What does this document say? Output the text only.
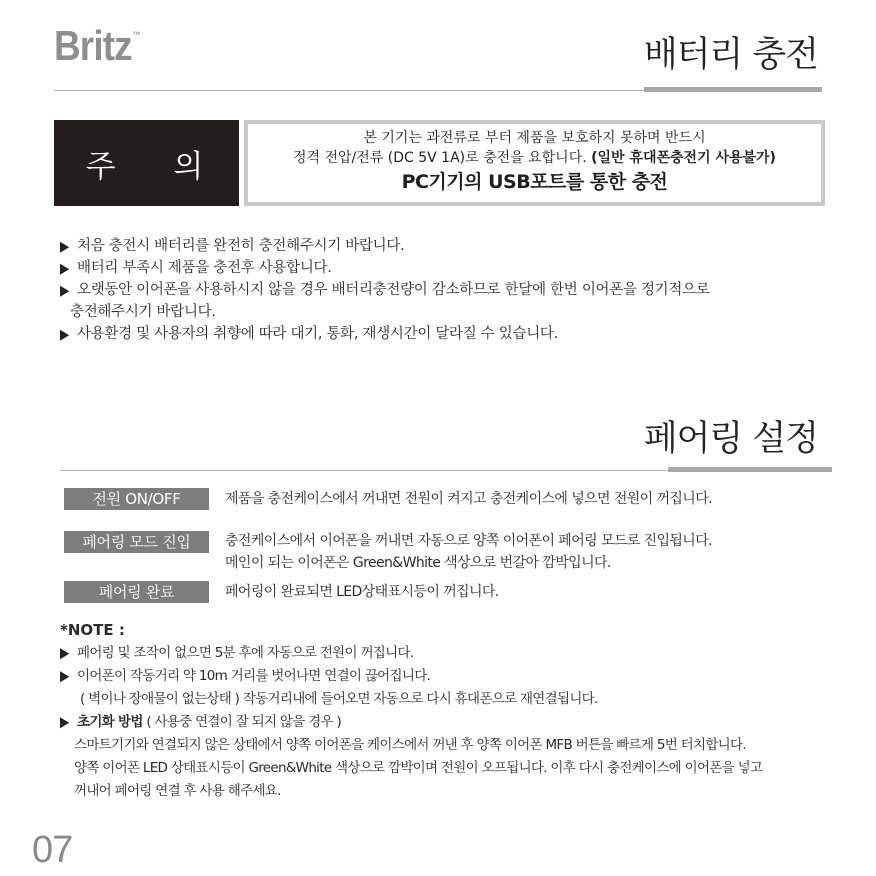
Britz™	배터리 충전
주 의
본 기기는 과전류로 부터 제품을 보호하지 못하며 반드시
정격 전압/전류 (DC 5V 1A)로 충전을 요합니다. (일반 휴대폰충전기 사용불가)
PC기기의 USB포트를 통한 충전

▶ 처음 충전시 배터리를 완전히 충전해주시기 바랍니다.

▶ 배터리 부족시 제품을 충전후 사용합니다.

▶ 오랫동안 이어폰을 사용하시지 않을 경우 배터리충전량이 감소하므로 한달에 한번 이어폰을 정기적으로

충전해주시기 바랍니다.

▶ 사용환경 및 사용자의 취향에 따라 대기, 통화, 재생시간이 달라질 수 있습니다.

페어링 설정
전원 ON/OFF	제품을 충전케이스에서 꺼내면 전원이 켜지고 충전케이스에 넣으면 전원이 꺼집니다.
페어링 모드 진입	충전케이스에서 이어폰을 꺼내면 자동으로 양쪽 이어폰이 페어링 모드로 진입됩니다.
메인이 되는 이어폰은 Green&White 색상으로 번갈아 깜박입니다.
페어링 완료	페어링이 완료되면 LED상태표시등이 꺼집니다.

*NOTE :

▶ 페어링 및 조작이 없으면 5분 후에 자동으로 전원이 꺼집니다.

▶ 이어폰이 작동거리 약 10m 거리를 벗어나면 연결이 끊어집니다.

( 벽이나 장애물이 없는상태 ) 작동거리내에 들어오면 자동으로 다시 휴대폰으로 재연결됩니다.

▶ 초기화 방법 ( 사용중 연결이 잘 되지 않을 경우 )

스마트기기와 연결되지 않은 상태에서 양쪽 이어폰을 케이스에서 꺼낸 후 양쪽 이어폰 MFB 버튼을 빠르게 5번 터치합니다.

양쪽 이어폰 LED 상태표시등이 Green&White 색상으로 깜박이며 전원이 오프됩니다. 이후 다시 충전케이스에 이어폰을 넣고

꺼내어 페어링 연결 후 사용 해주세요.

07
